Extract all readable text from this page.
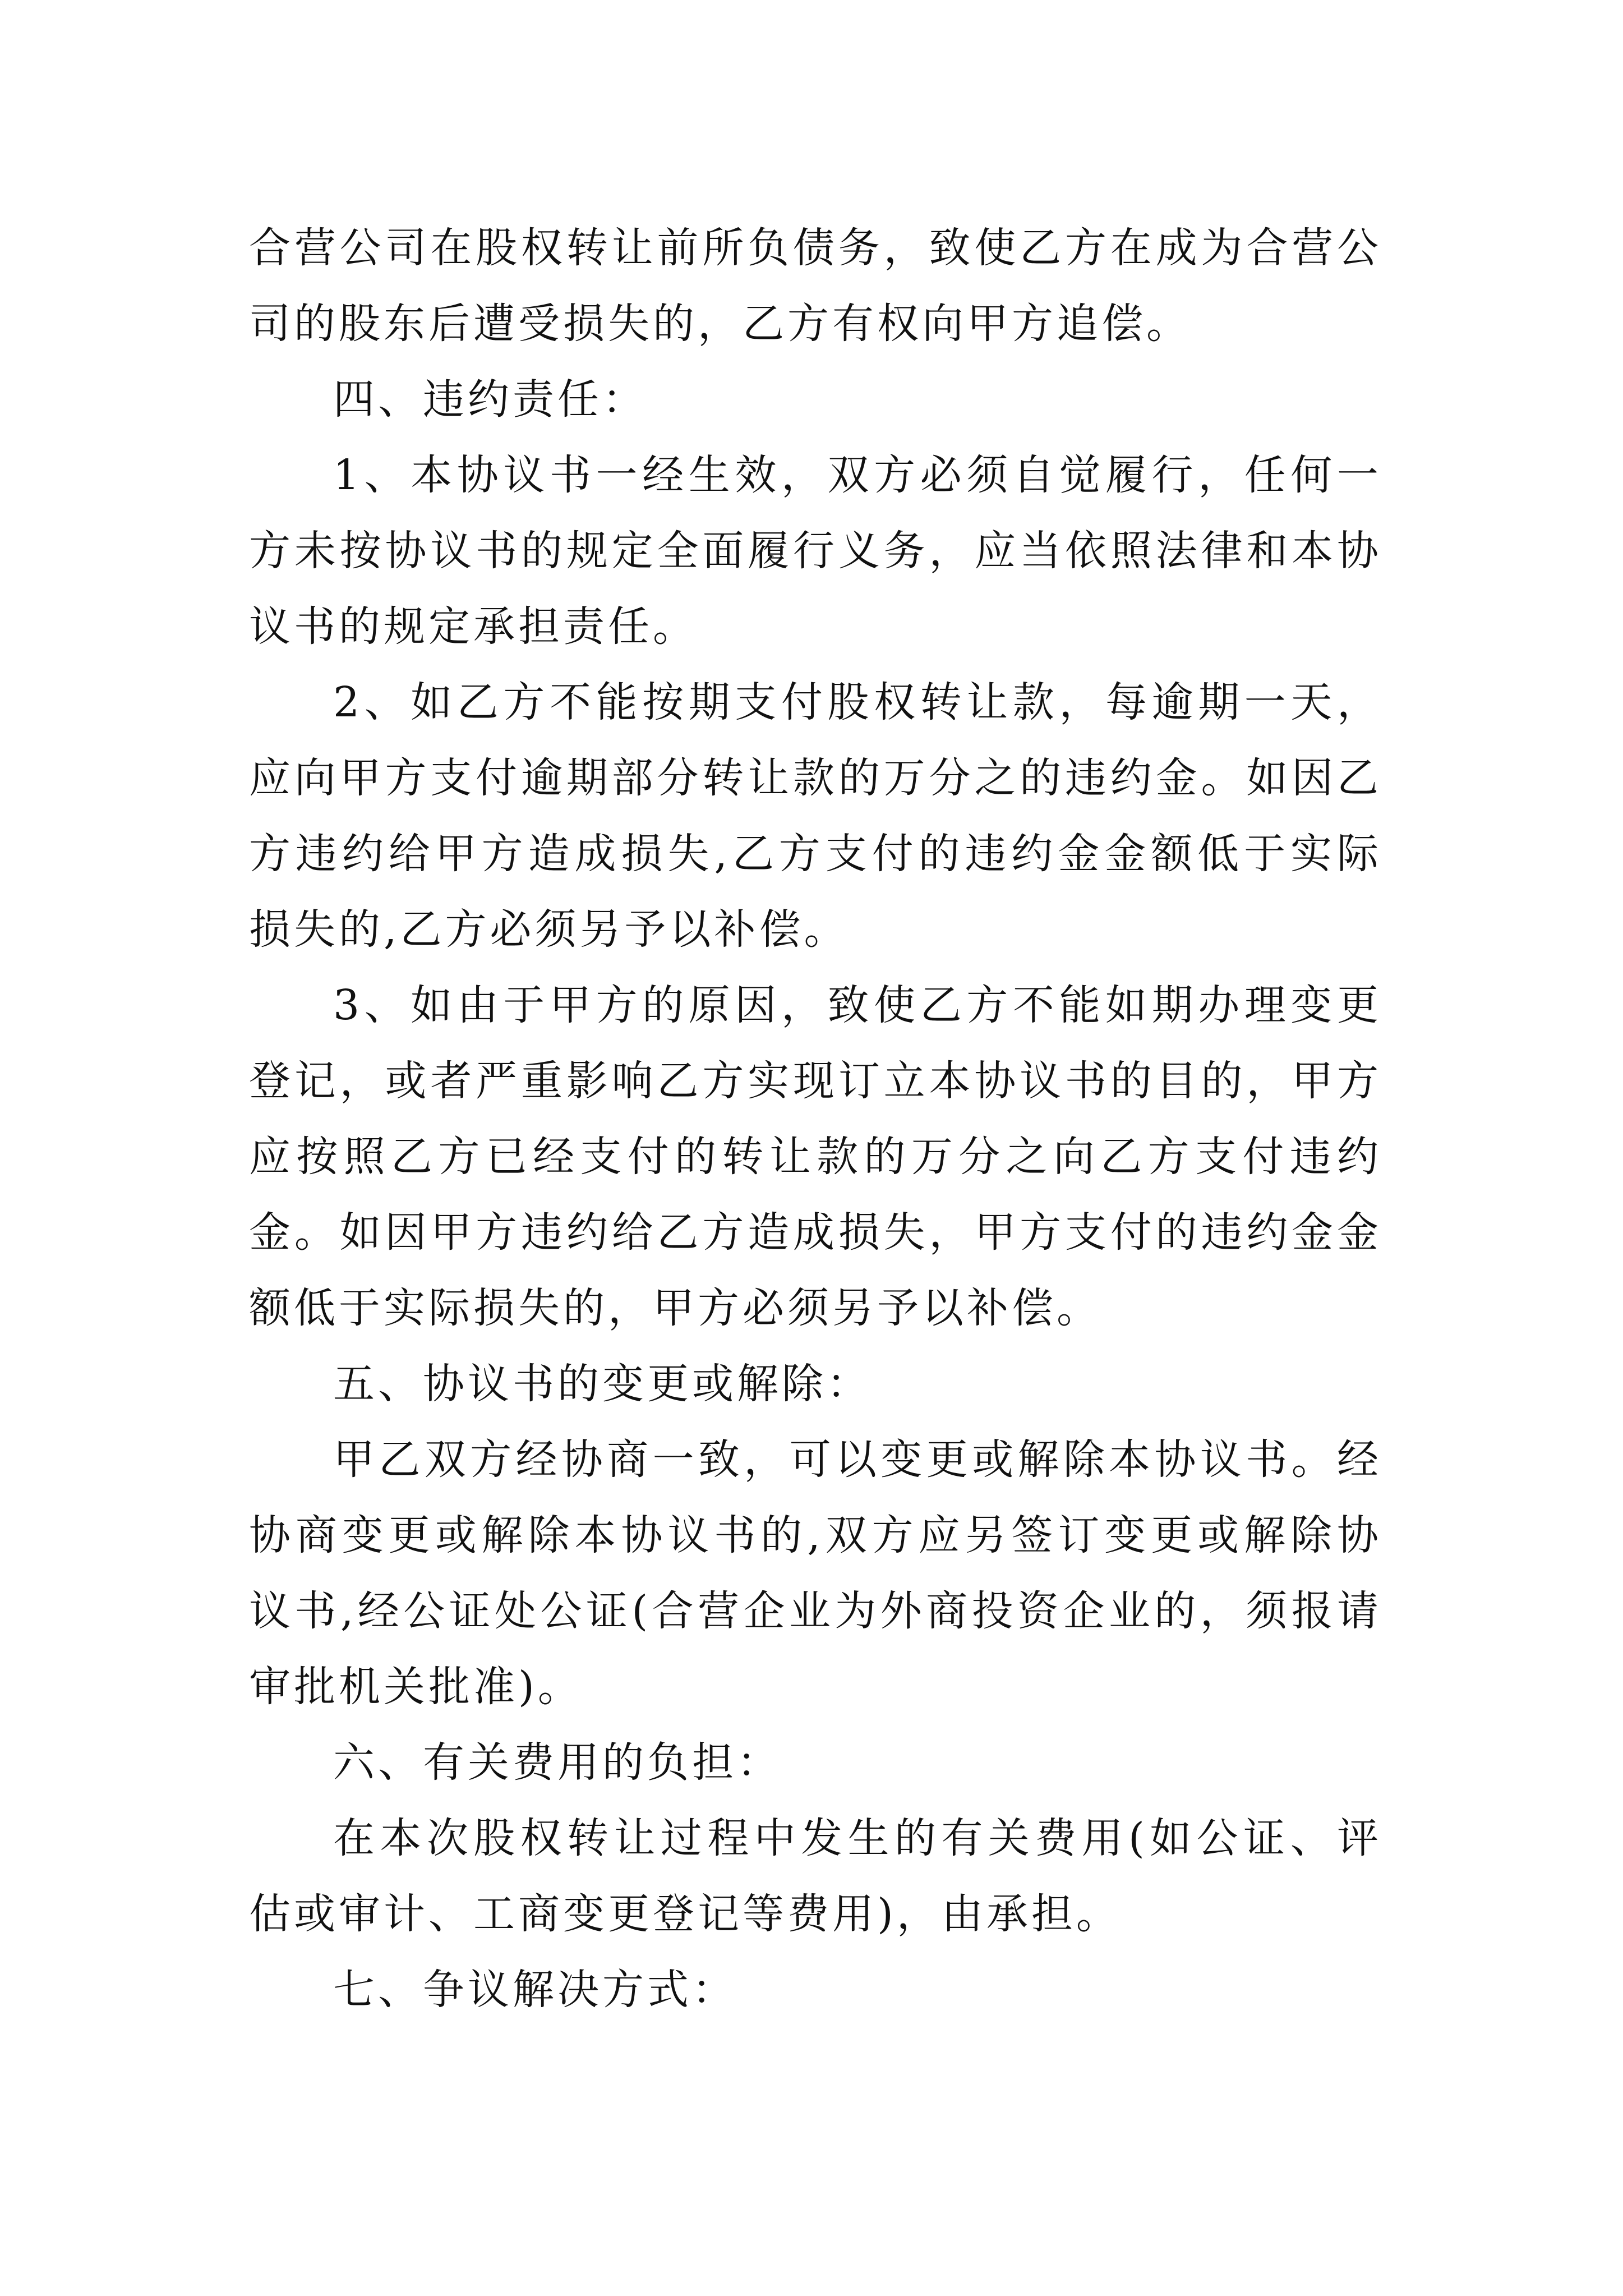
合营公司在股权转让前所负债务，致使乙方在成为合营公司的股东后遭受损失的，乙方有权向甲方追偿。

四、违约责任：

1、本协议书一经生效，双方必须自觉履行，任何一方未按协议书的规定全面履行义务，应当依照法律和本协议书的规定承担责任。

2、如乙方不能按期支付股权转让款，每逾期一天，应向甲方支付逾期部分转让款的万分之的违约金。如因乙方违约给甲方造成损失,乙方支付的违约金金额低于实际损失的,乙方必须另予以补偿。

3、如由于甲方的原因，致使乙方不能如期办理变更登记，或者严重影响乙方实现订立本协议书的目的，甲方应按照乙方已经支付的转让款的万分之向乙方支付违约金。如因甲方违约给乙方造成损失，甲方支付的违约金金额低于实际损失的，甲方必须另予以补偿。

五、协议书的变更或解除：

甲乙双方经协商一致，可以变更或解除本协议书。经协商变更或解除本协议书的,双方应另签订变更或解除协议书,经公证处公证(合营企业为外商投资企业的，须报请审批机关批准)。

六、有关费用的负担：

在本次股权转让过程中发生的有关费用(如公证、评估或审计、工商变更登记等费用)，由承担。

七、争议解决方式：
